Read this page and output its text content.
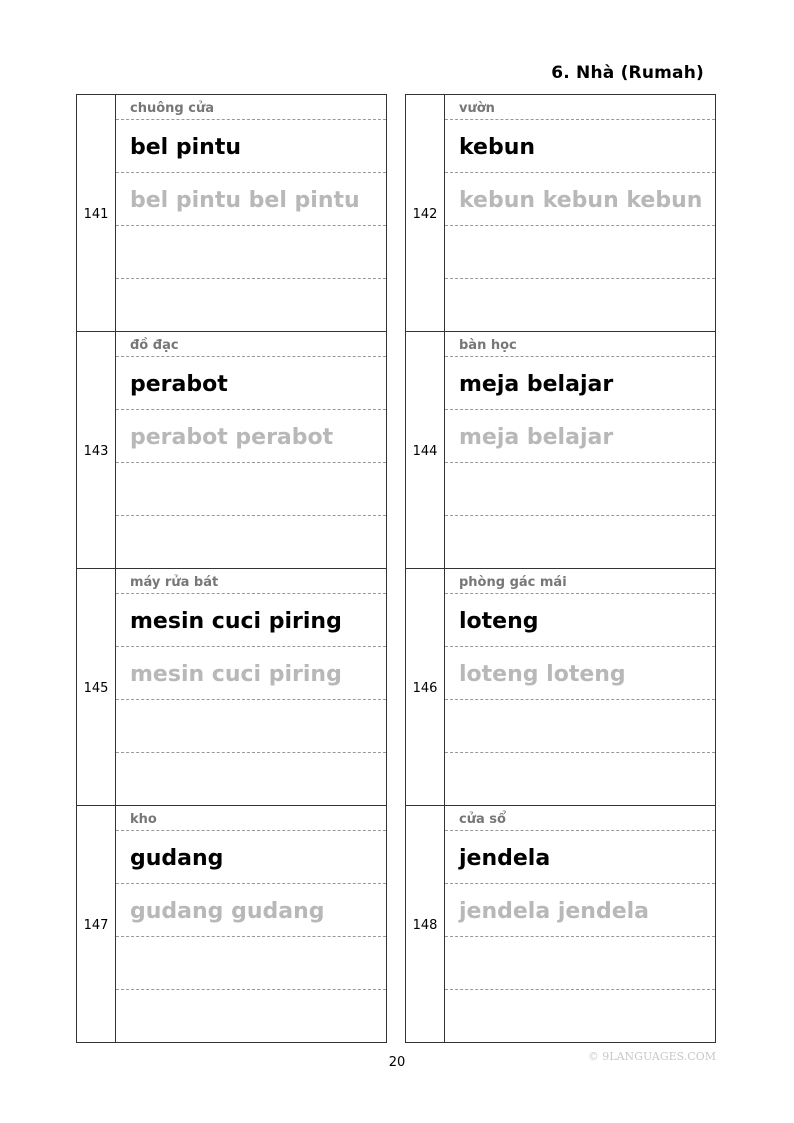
6. Nhà (Rumah)
141
chuông cửa
bel pintu
bel pintu bel pintu
143
đồ đạc
perabot
perabot perabot
145
máy rửa bát
mesin cuci piring
mesin cuci piring
147
kho
gudang
gudang gudang
142
vườn
kebun
kebun kebun kebun
144
bàn học
meja belajar
meja belajar
146
phòng gác mái
loteng
loteng loteng
148
cửa sổ
jendela
jendela jendela
20	© 9LANGUAGES.COM
